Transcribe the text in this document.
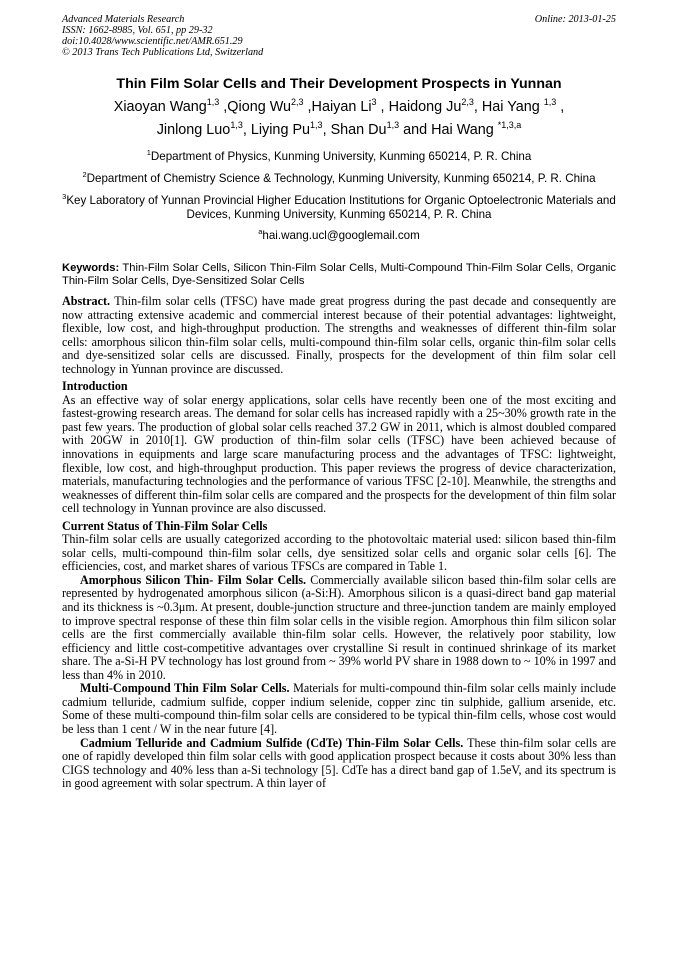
Advanced Materials Research
ISSN: 1662-8985, Vol. 651, pp 29-32
doi:10.4028/www.scientific.net/AMR.651.29
© 2013 Trans Tech Publications Ltd, Switzerland
Online: 2013-01-25
Thin Film Solar Cells and Their Development Prospects in Yunnan
Xiaoyan Wang$^{1,3}$ ,Qiong Wu$^{2,3}$ ,Haiyan Li$^3$ , Haidong Ju$^{2,3}$, Hai Yang $^{1,3}$ ,
Jinlong Luo$^{1,3}$, Liying Pu$^{1,3}$, Shan Du$^{1,3}$ and Hai Wang $^{*1,3,a}$
$^1$Department of Physics, Kunming University, Kunming 650214, P. R. China
$^2$Department of Chemistry Science & Technology, Kunming University, Kunming 650214, P. R. China
$^3$Key Laboratory of Yunnan Provincial Higher Education Institutions for Organic Optoelectronic Materials and Devices, Kunming University, Kunming 650214, P. R. China
$^a$hai.wang.ucl@googlemail.com
Keywords: Thin-Film Solar Cells, Silicon Thin-Film Solar Cells, Multi-Compound Thin-Film Solar Cells, Organic Thin-Film Solar Cells, Dye-Sensitized Solar Cells

Abstract. Thin-film solar cells (TFSC) have made great progress during the past decade and consequently are now attracting extensive academic and commercial interest because of their potential advantages: lightweight, flexible, low cost, and high-throughput production. The strengths and weaknesses of different thin-film solar cells: amorphous silicon thin-film solar cells, multi-compound thin-film solar cells, organic thin-film solar cells and dye-sensitized solar cells are discussed. Finally, prospects for the development of thin film solar cell technology in Yunnan province are discussed.

Introduction

As an effective way of solar energy applications, solar cells have recently been one of the most exciting and fastest-growing research areas. The demand for solar cells has increased rapidly with a 25~30% growth rate in the past few years. The production of global solar cells reached 37.2 GW in 2011, which is almost doubled compared with 20GW in 2010[1]. GW production of thin-film solar cells (TFSC) have been achieved because of innovations in equipments and large scare manufacturing process and the advantages of TFSC: lightweight, flexible, low cost, and high-throughput production. This paper reviews the progress of device characterization, materials, manufacturing technologies and the performance of various TFSC [2-10]. Meanwhile, the strengths and weaknesses of different thin-film solar cells are compared and the prospects for the development of thin film solar cell technology in Yunnan province are also discussed.

Current Status of Thin-Film Solar Cells

Thin-film solar cells are usually categorized according to the photovoltaic material used: silicon based thin-film solar cells, multi-compound thin-film solar cells, dye sensitized solar cells and organic solar cells [6]. The efficiencies, cost, and market shares of various TFSCs are compared in Table 1.

Amorphous Silicon Thin- Film Solar Cells. Commercially available silicon based thin-film solar cells are represented by hydrogenated amorphous silicon (a-Si:H). Amorphous silicon is a quasi-direct band gap material and its thickness is ~0.3μm. At present, double-junction structure and three-junction tandem are mainly employed to improve spectral response of these thin film solar cells in the visible region. Amorphous thin film silicon solar cells are the first commercially available thin-film solar cells. However, the relatively poor stability, low efficiency and little cost-competitive advantages over crystalline Si result in continued shrinkage of its market share. The a-Si-H PV technology has lost ground from ~ 39% world PV share in 1988 down to ~ 10% in 1997 and less than 4% in 2010.

Multi-Compound Thin Film Solar Cells. Materials for multi-compound thin-film solar cells mainly include cadmium telluride, cadmium sulfide, copper indium selenide, copper zinc tin sulphide, gallium arsenide, etc. Some of these multi-compound thin-film solar cells are considered to be typical thin-film cells, whose cost would be less than 1 cent / W in the near future [4].

Cadmium Telluride and Cadmium Sulfide (CdTe) Thin-Film Solar Cells. These thin-film solar cells are one of rapidly developed thin film solar cells with good application prospect because it costs about 30% less than CIGS technology and 40% less than a-Si technology [5]. CdTe has a direct band gap of 1.5eV, and its spectrum is in good agreement with solar spectrum. A thin layer of
